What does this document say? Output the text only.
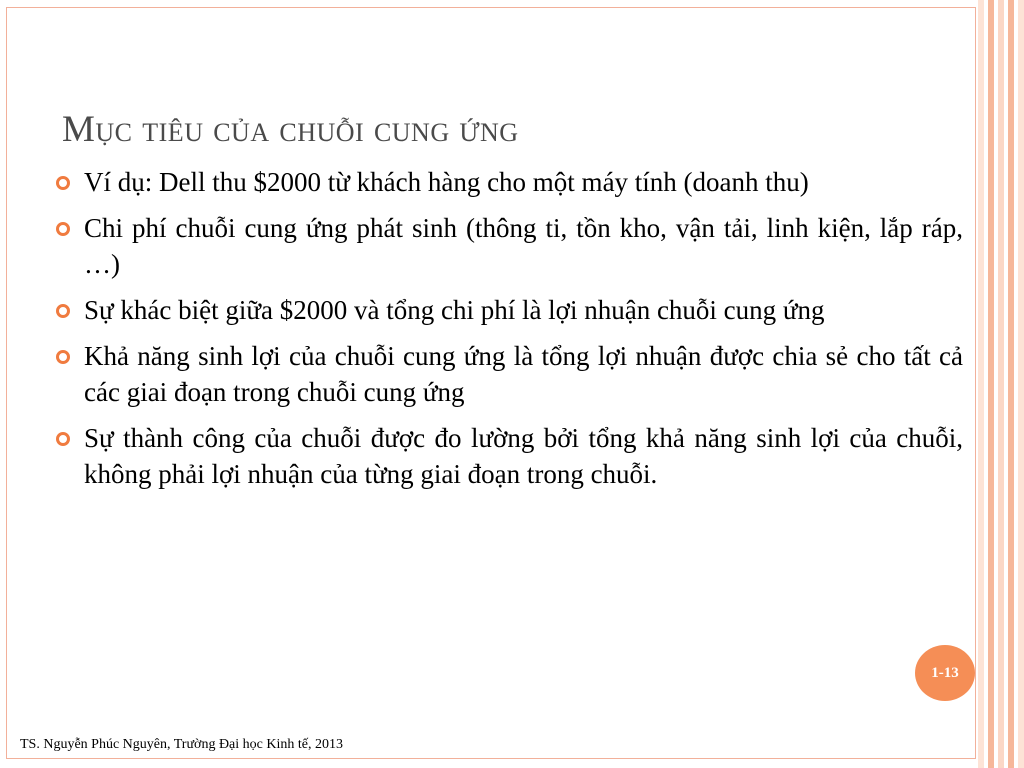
Mục tiêu của chuỗi cung ứng
Ví dụ: Dell thu $2000 từ khách hàng cho một máy tính (doanh thu)
Chi phí chuỗi cung ứng phát sinh (thông ti, tồn kho, vận tải, linh kiện, lắp ráp, …)
Sự khác biệt giữa $2000 và tổng chi phí là lợi nhuận chuỗi cung ứng
Khả năng sinh lợi của chuỗi cung ứng là tổng lợi nhuận được chia sẻ cho tất cả các giai đoạn trong chuỗi cung ứng
Sự thành công của chuỗi được đo lường bởi tổng khả năng sinh lợi của chuỗi, không phải lợi nhuận của từng giai đoạn trong chuỗi.
1-13
TS. Nguyễn Phúc Nguyên, Trường Đại học Kinh tế, 2013
